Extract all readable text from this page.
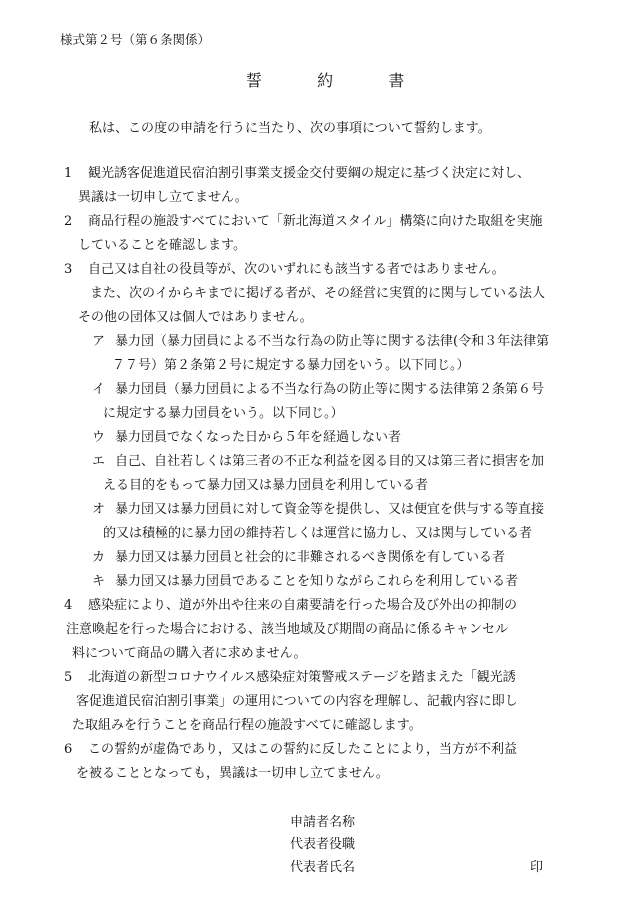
様式第２号（第６条関係）
誓	約	書
私は、この度の申請を行うに当たり、次の事項について誓約します。
1 観光誘客促進道民宿泊割引事業支援金交付要綱の規定に基づく決定に対し、
異議は一切申し立てません。
2 商品行程の施設すべてにおいて「新北海道スタイル」構築に向けた取組を実施
していることを確認します。
3 自己又は自社の役員等が、次のいずれにも該当する者ではありません。
また、次のイからキまでに掲げる者が、その経営に実質的に関与している法人
その他の団体又は個人ではありません。
ア 暴力団（暴力団員による不当な行為の防止等に関する法律(令和３年法律第
７７号）第２条第２号に規定する暴力団をいう。以下同じ。）
イ 暴力団員（暴力団員による不当な行為の防止等に関する法律第２条第６号
に規定する暴力団員をいう。以下同じ。）
ウ 暴力団員でなくなった日から５年を経過しない者
エ 自己、自社若しくは第三者の不正な利益を図る目的又は第三者に損害を加
える目的をもって暴力団又は暴力団員を利用している者
オ 暴力団又は暴力団員に対して資金等を提供し、又は便宜を供与する等直接
的又は積極的に暴力団の維持若しくは運営に協力し、又は関与している者
カ 暴力団又は暴力団員と社会的に非難されるべき関係を有している者
キ 暴力団又は暴力団員であることを知りながらこれらを利用している者
4 感染症により、道が外出や往来の自粛要請を行った場合及び外出の抑制の
注意喚起を行った場合における、該当地域及び期間の商品に係るキャンセル
料について商品の購入者に求めません。
5 北海道の新型コロナウイルス感染症対策警戒ステージを踏まえた「観光誘
客促進道民宿泊割引事業」の運用についての内容を理解し、記載内容に即し
た取組みを行うことを商品行程の施設すべてに確認します。
6 この誓約が虚偽であり，又はこの誓約に反したことにより，当方が不利益
を被ることとなっても，異議は一切申し立てません。
申請者名称
代表者役職
代表者氏名	印
